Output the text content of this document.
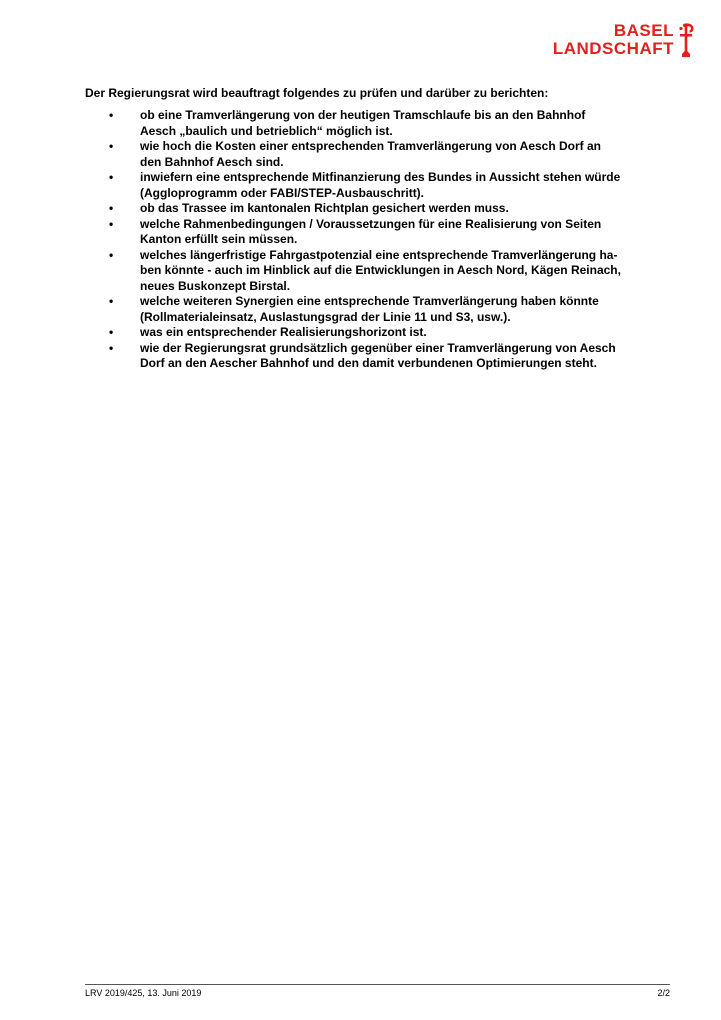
BASEL
LANDSCHAFT

Der Regierungsrat wird beauftragt folgendes zu prüfen und darüber zu berichten:

• ob eine Tramverlängerung von der heutigen Tramschlaufe bis an den Bahnhof
Aesch „baulich und betrieblich“ möglich ist.
• wie hoch die Kosten einer entsprechenden Tramverlängerung von Aesch Dorf an
den Bahnhof Aesch sind.
• inwiefern eine entsprechende Mitfinanzierung des Bundes in Aussicht stehen würde
(Aggloprogramm oder FABI/STEP-Ausbauschritt).
• ob das Trassee im kantonalen Richtplan gesichert werden muss.
• welche Rahmenbedingungen / Voraussetzungen für eine Realisierung von Seiten
Kanton erfüllt sein müssen.
• welches längerfristige Fahrgastpotenzial eine entsprechende Tramverlängerung ha-
ben könnte - auch im Hinblick auf die Entwicklungen in Aesch Nord, Kägen Reinach,
neues Buskonzept Birstal.
• welche weiteren Synergien eine entsprechende Tramverlängerung haben könnte
(Rollmaterialeinsatz, Auslastungsgrad der Linie 11 und S3, usw.).
• was ein entsprechender Realisierungshorizont ist.
• wie der Regierungsrat grundsätzlich gegenüber einer Tramverlängerung von Aesch
Dorf an den Aescher Bahnhof und den damit verbundenen Optimierungen steht.
LRV 2019/425, 13. Juni 2019	2/2
